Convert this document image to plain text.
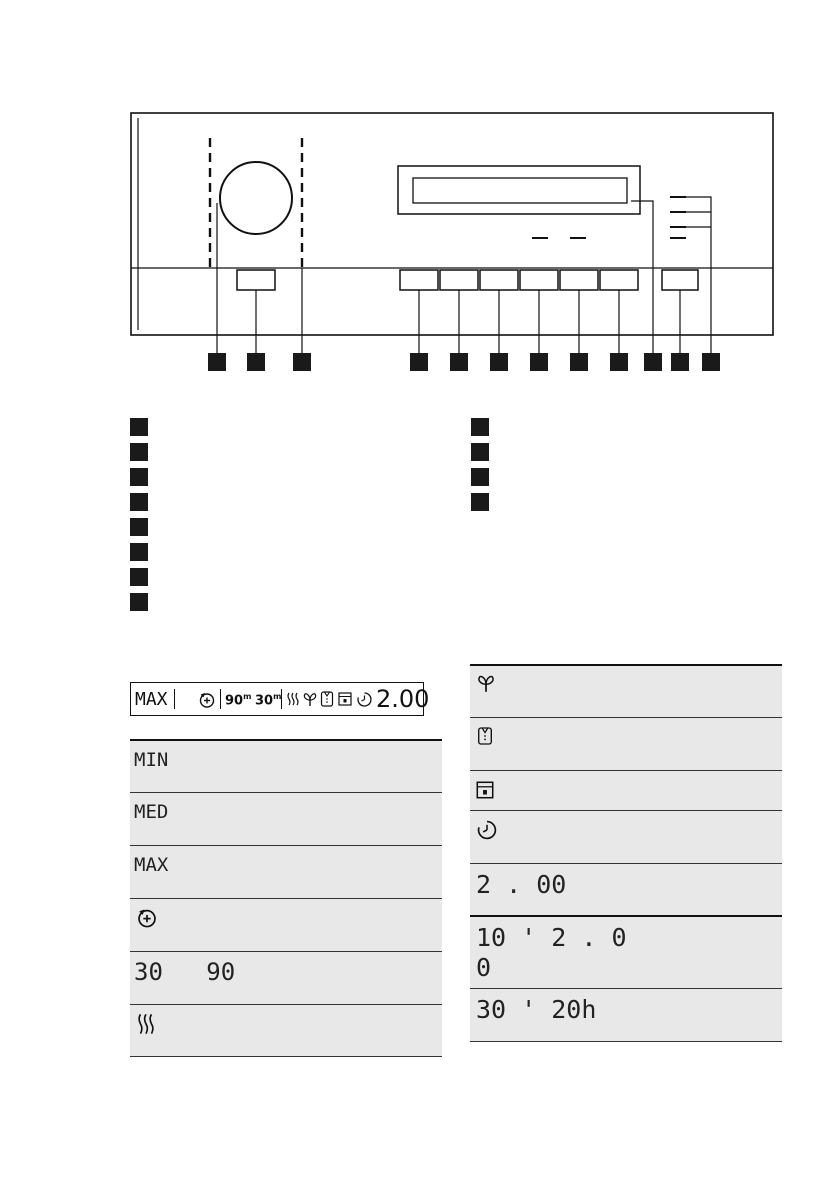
MAX	90$^m$ 30$^m$	2.00
MIN
MED
MAX
30   90
2 . 00
10 ' 2 . 0
0
30 ' 20h
